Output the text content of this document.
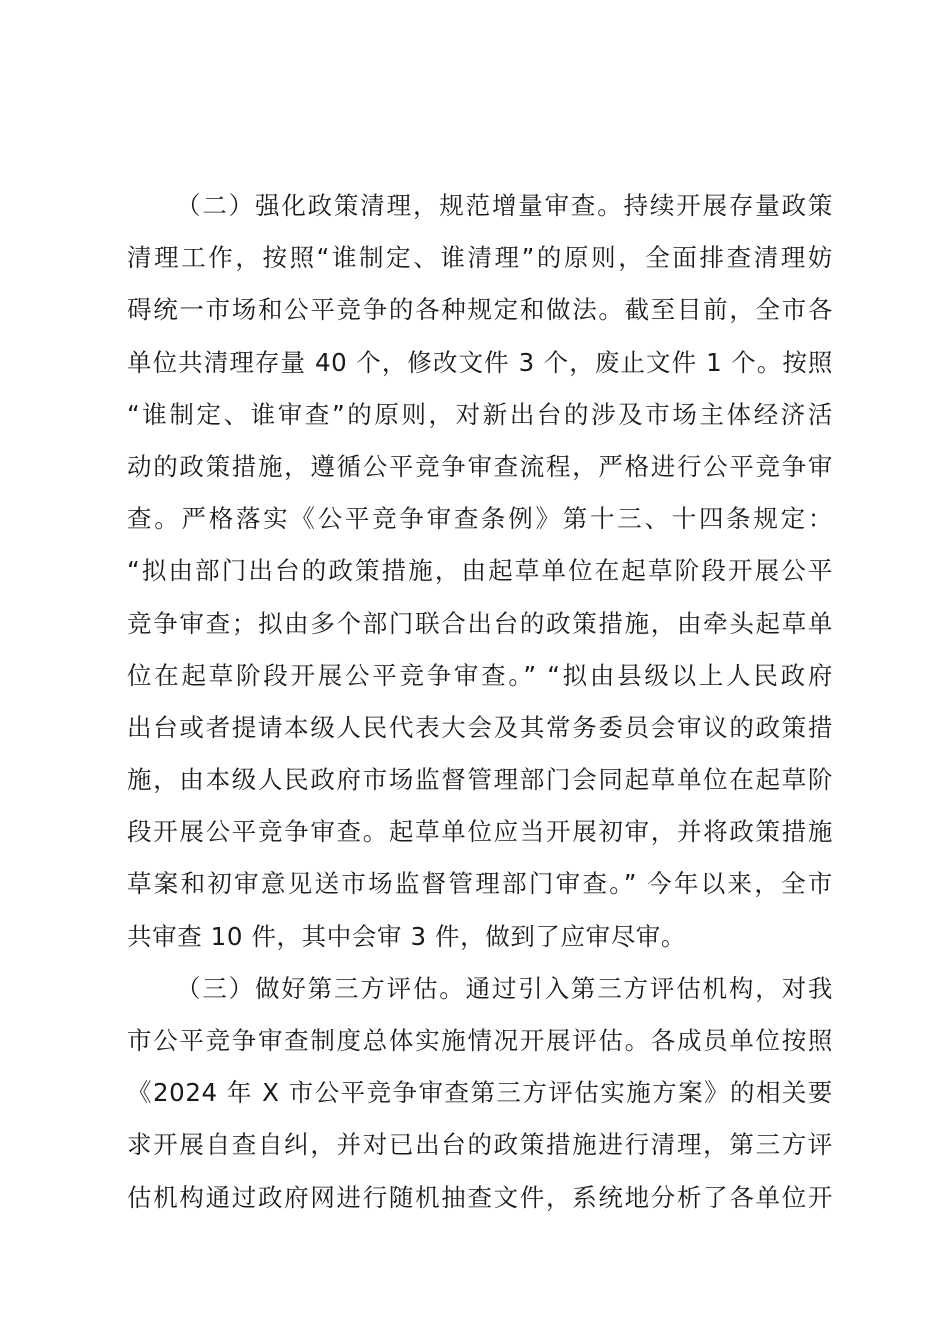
（二）强化政策清理，规范增量审查。持续开展存量政策
清理工作，按照“谁制定、谁清理”的原则，全面排查清理妨
碍统一市场和公平竞争的各种规定和做法。截至目前，全市各
单位共清理存量 40 个，修改文件 3 个，废止文件 1 个。按照
“谁制定、谁审查”的原则，对新出台的涉及市场主体经济活
动的政策措施，遵循公平竞争审查流程，严格进行公平竞争审
查。严格落实《公平竞争审查条例》第十三、十四条规定：
“拟由部门出台的政策措施，由起草单位在起草阶段开展公平
竞争审查；拟由多个部门联合出台的政策措施，由牵头起草单
位在起草阶段开展公平竞争审查。” “拟由县级以上人民政府
出台或者提请本级人民代表大会及其常务委员会审议的政策措
施，由本级人民政府市场监督管理部门会同起草单位在起草阶
段开展公平竞争审查。起草单位应当开展初审，并将政策措施
草案和初审意见送市场监督管理部门审查。” 今年以来，全市
共审查 10 件，其中会审 3 件，做到了应审尽审。
（三）做好第三方评估。通过引入第三方评估机构，对我
市公平竞争审查制度总体实施情况开展评估。各成员单位按照
《2024 年 X 市公平竞争审查第三方评估实施方案》的相关要
求开展自查自纠，并对已出台的政策措施进行清理，第三方评
估机构通过政府网进行随机抽查文件，系统地分析了各单位开
